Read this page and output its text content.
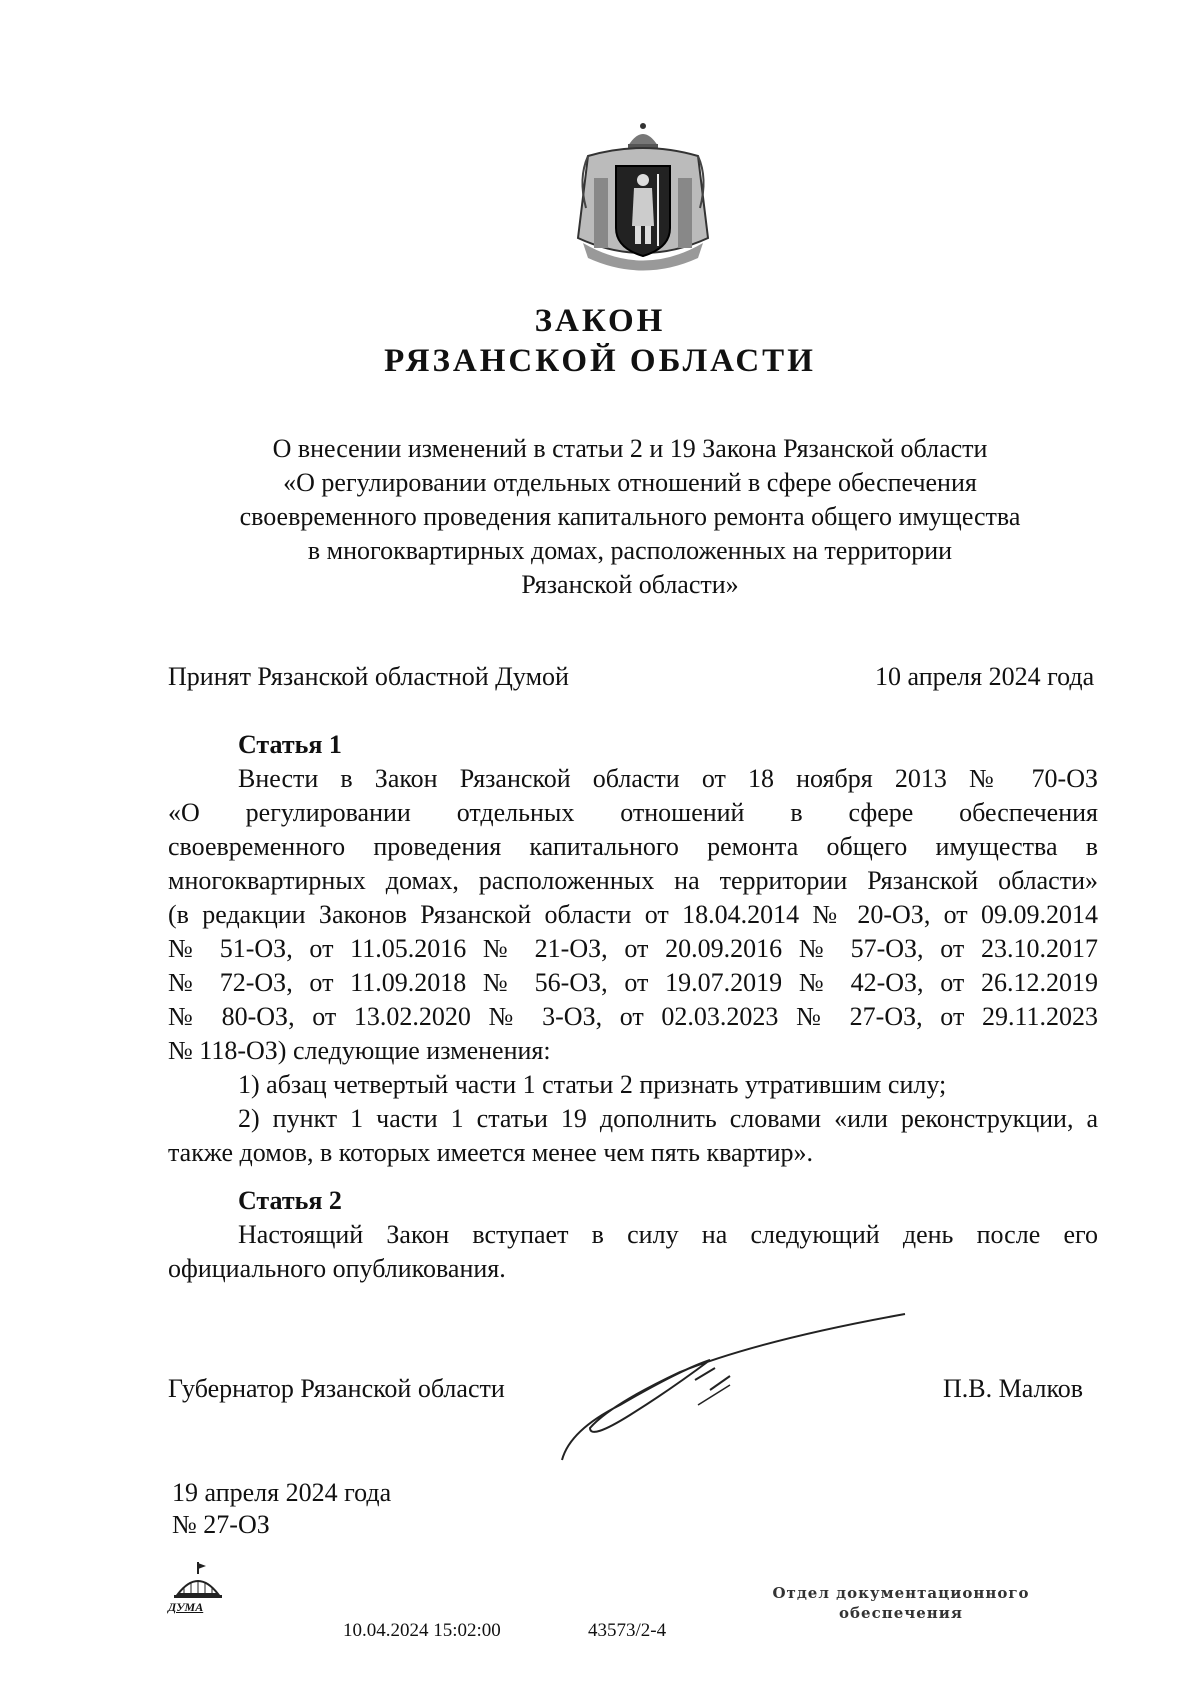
ЗАКОН
РЯЗАНСКОЙ ОБЛАСТИ
О внесении изменений в статьи 2 и 19 Закона Рязанской области
«О регулировании отдельных отношений в сфере обеспечения
своевременного проведения капитального ремонта общего имущества
в многоквартирных домах, расположенных на территории
Рязанской области»
Принят Рязанской областной Думой	10 апреля 2024 года
Статья 1
Внести в Закон Рязанской области от 18 ноября 2013 № 70-ОЗ
«О регулировании отдельных отношений в сфере обеспечения
своевременного проведения капитального ремонта общего имущества в
многоквартирных домах, расположенных на территории Рязанской области»
(в редакции Законов Рязанской области от 18.04.2014 № 20-ОЗ, от 09.09.2014
№ 51-ОЗ, от 11.05.2016 № 21-ОЗ, от 20.09.2016 № 57-ОЗ, от 23.10.2017
№ 72-ОЗ, от 11.09.2018 № 56-ОЗ, от 19.07.2019 № 42-ОЗ, от 26.12.2019
№ 80-ОЗ, от 13.02.2020 № 3-ОЗ, от 02.03.2023 № 27-ОЗ, от 29.11.2023
№ 118-ОЗ) следующие изменения:
1) абзац четвертый части 1 статьи 2 признать утратившим силу;
2) пункт 1 части 1 статьи 19 дополнить словами «или реконструкции, а
также домов, в которых имеется менее чем пять квартир».
Статья 2
Настоящий Закон вступает в силу на следующий день после его
официального опубликования.
Губернатор Рязанской области	П.В. Малков
19 апреля 2024 года
№ 27-ОЗ
ДУМА
10.04.2024 15:02:00	43573/2-4
Отдел документационного
обеспечения
